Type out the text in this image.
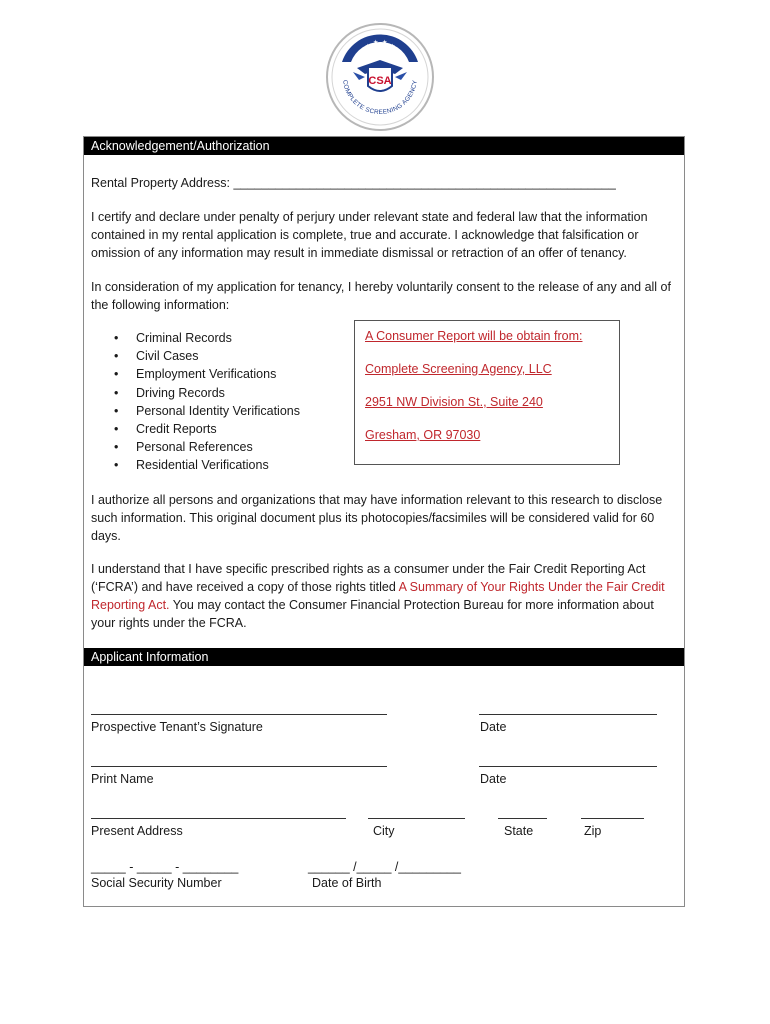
★
★ ★
★
CSA
COMPLETE SCREENING AGENCY
Acknowledgement/Authorization
Rental Property Address: _______________________________________________________
I certify and declare under penalty of perjury under relevant state and federal law that the information contained in my rental application is complete, true and accurate. I acknowledge that falsification or omission of any information may result in immediate dismissal or retraction of an offer of tenancy.
In consideration of my application for tenancy, I hereby voluntarily consent to the release of any and all of the following information:
• Criminal Records
• Civil Cases
• Employment Verifications
• Driving Records
• Personal Identity Verifications
• Credit Reports
• Personal References
• Residential Verifications
A Consumer Report will be obtain from:
Complete Screening Agency, LLC
2951 NW Division St., Suite 240
Gresham, OR 97030
I authorize all persons and organizations that may have information relevant to this research to disclose such information. This original document plus its photocopies/facsimiles will be considered valid for 60 days.
I understand that I have specific prescribed rights as a consumer under the Fair Credit Reporting Act (‘FCRA’) and have received a copy of those rights titled A Summary of Your Rights Under the Fair Credit Reporting Act. You may contact the Consumer Financial Protection Bureau for more information about your rights under the FCRA.
Applicant Information
Prospective Tenant’s Signature	Date
Print Name	Date
Present Address	City	State	Zip
_____ - _____ - ________	______ /_____ /_________
Social Security Number	Date of Birth
